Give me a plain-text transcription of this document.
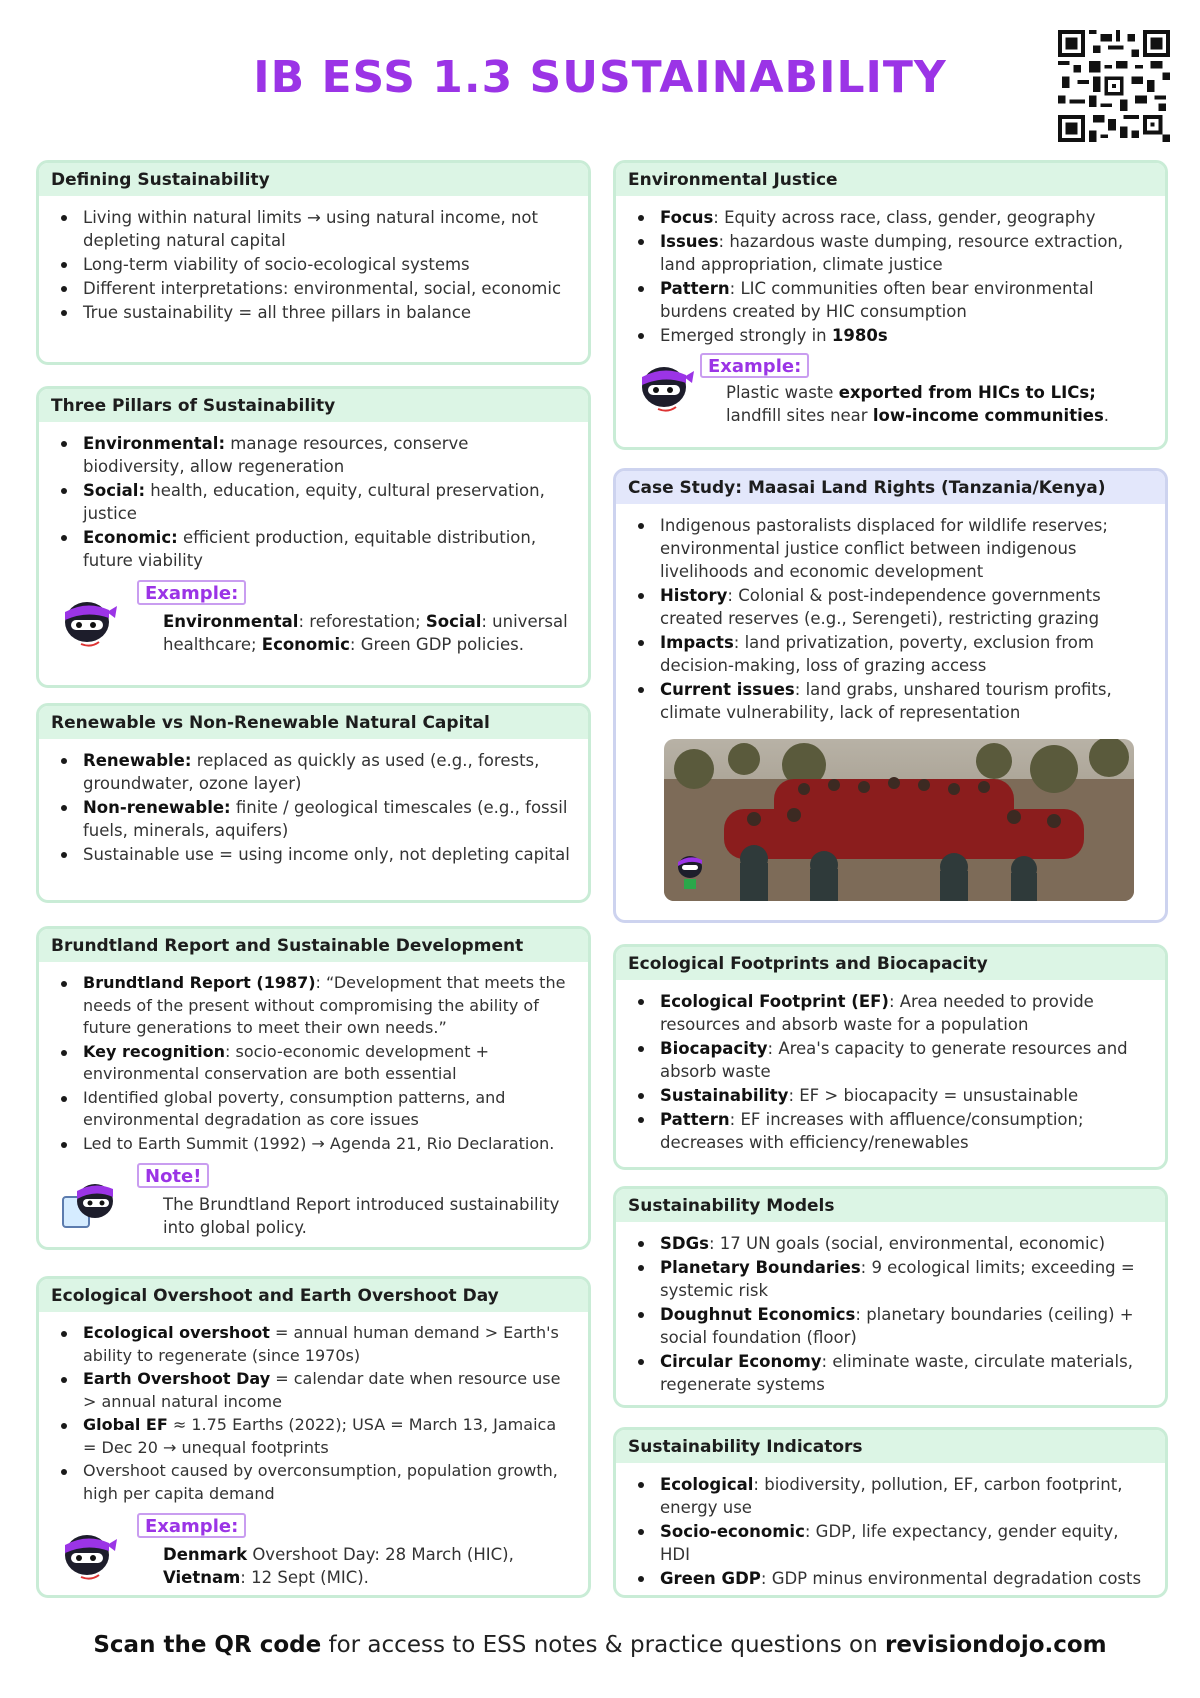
IB ESS 1.3 SUSTAINABILITY
Defining Sustainability
Living within natural limits → using natural income, not depleting natural capital
Long-term viability of socio-ecological systems
Different interpretations: environmental, social, economic
True sustainability = all three pillars in balance
Three Pillars of Sustainability
Environmental: manage resources, conserve biodiversity, allow regeneration
Social: health, education, equity, cultural preservation, justice
Economic: efficient production, equitable distribution, future viability
Example:
Environmental: reforestation; Social: universal healthcare; Economic: Green GDP policies.
Renewable vs Non-Renewable Natural Capital
Renewable: replaced as quickly as used (e.g., forests, groundwater, ozone layer)
Non-renewable: finite / geological timescales (e.g., fossil fuels, minerals, aquifers)
Sustainable use = using income only, not depleting capital
Brundtland Report and Sustainable Development
Brundtland Report (1987): “Development that meets the needs of the present without compromising the ability of future generations to meet their own needs.”
Key recognition: socio-economic development + environmental conservation are both essential
Identified global poverty, consumption patterns, and environmental degradation as core issues
Led to Earth Summit (1992) → Agenda 21, Rio Declaration.
Note!
The Brundtland Report introduced sustainability into global policy.
Ecological Overshoot and Earth Overshoot Day
Ecological overshoot = annual human demand > Earth's ability to regenerate (since 1970s)
Earth Overshoot Day = calendar date when resource use > annual natural income
Global EF ≈ 1.75 Earths (2022); USA = March 13, Jamaica = Dec 20 → unequal footprints
Overshoot caused by overconsumption, population growth, high per capita demand
Example:
Denmark Overshoot Day: 28 March (HIC), Vietnam: 12 Sept (MIC).
Environmental Justice
Focus: Equity across race, class, gender, geography
Issues: hazardous waste dumping, resource extraction, land appropriation, climate justice
Pattern: LIC communities often bear environmental burdens created by HIC consumption
Emerged strongly in 1980s
Example:
Plastic waste exported from HICs to LICs; landfill sites near low-income communities.
Case Study: Maasai Land Rights (Tanzania/Kenya)
Indigenous pastoralists displaced for wildlife reserves; environmental justice conflict between indigenous livelihoods and economic development
History: Colonial & post-independence governments created reserves (e.g., Serengeti), restricting grazing
Impacts: land privatization, poverty, exclusion from decision-making, loss of grazing access
Current issues: land grabs, unshared tourism profits, climate vulnerability, lack of representation
Ecological Footprints and Biocapacity
Ecological Footprint (EF): Area needed to provide resources and absorb waste for a population
Biocapacity: Area's capacity to generate resources and absorb waste
Sustainability: EF > biocapacity = unsustainable
Pattern: EF increases with affluence/consumption; decreases with efficiency/renewables
Sustainability Models
SDGs: 17 UN goals (social, environmental, economic)
Planetary Boundaries: 9 ecological limits; exceeding = systemic risk
Doughnut Economics: planetary boundaries (ceiling) + social foundation (floor)
Circular Economy: eliminate waste, circulate materials, regenerate systems
Sustainability Indicators
Ecological: biodiversity, pollution, EF, carbon footprint, energy use
Socio-economic: GDP, life expectancy, gender equity, HDI
Green GDP: GDP minus environmental degradation costs
Scan the QR code for access to ESS notes & practice questions on revisiondojo.com
